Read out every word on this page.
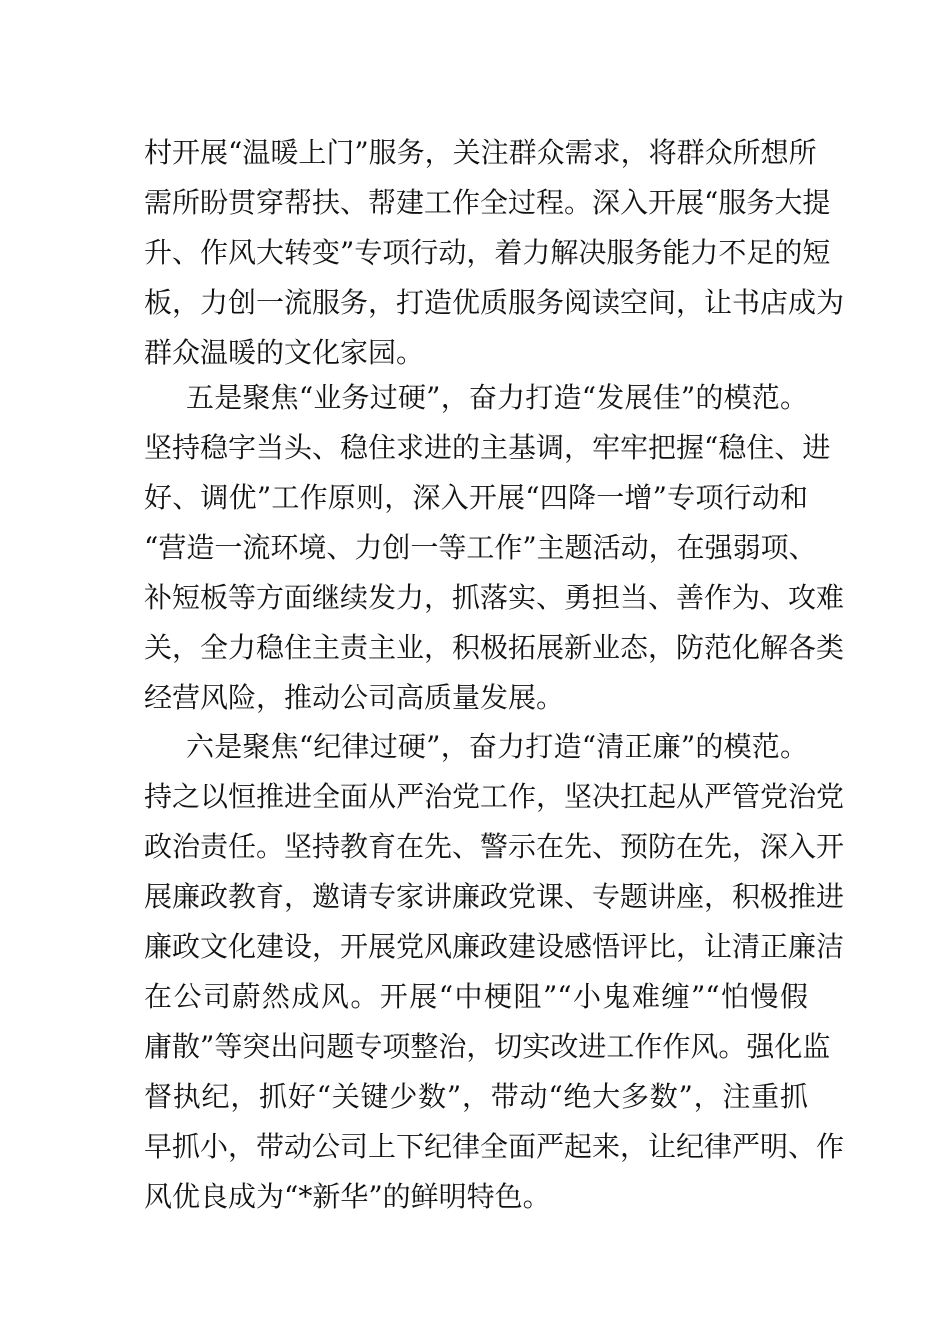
村开展“温暖上门”服务，关注群众需求，将群众所想所
需所盼贯穿帮扶、帮建工作全过程。深入开展“服务大提
升、作风大转变”专项行动，着力解决服务能力不足的短
板，力创一流服务，打造优质服务阅读空间，让书店成为
群众温暖的文化家园。
五是聚焦“业务过硬”，奋力打造“发展佳”的模范。
坚持稳字当头、稳住求进的主基调，牢牢把握“稳住、进
好、调优”工作原则，深入开展“四降一增”专项行动和
“营造一流环境、力创一等工作”主题活动，在强弱项、
补短板等方面继续发力，抓落实、勇担当、善作为、攻难
关，全力稳住主责主业，积极拓展新业态，防范化解各类
经营风险，推动公司高质量发展。
六是聚焦“纪律过硬”，奋力打造“清正廉”的模范。
持之以恒推进全面从严治党工作，坚决扛起从严管党治党
政治责任。坚持教育在先、警示在先、预防在先，深入开
展廉政教育，邀请专家讲廉政党课、专题讲座，积极推进
廉政文化建设，开展党风廉政建设感悟评比，让清正廉洁
在公司蔚然成风。开展“中梗阻”“小鬼难缠”“怕慢假
庸散”等突出问题专项整治，切实改进工作作风。强化监
督执纪，抓好“关键少数”，带动“绝大多数”，注重抓
早抓小，带动公司上下纪律全面严起来，让纪律严明、作
风优良成为“*新华”的鲜明特色。
